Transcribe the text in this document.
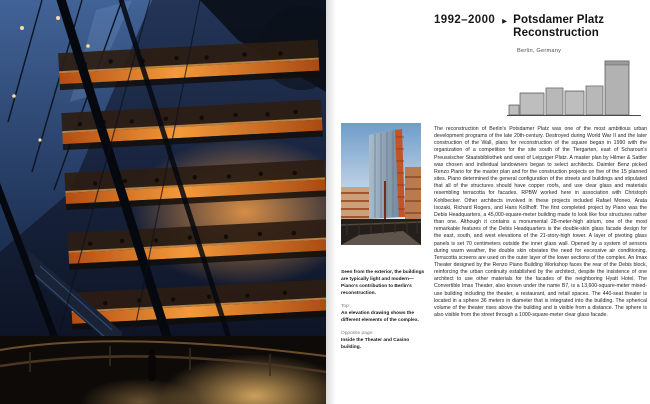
1992–2000 ▶ Potsdamer Platz
Reconstruction
Berlin, Germany

Seen from the exterior, the buildings are typically light and modern—Piano's contribution to Berlin's reconstruction.

Top:

An elevation drawing shows the different elements of the complex.

Opposite page:

Inside the Theater and Casino building.

The reconstruction of Berlin's Potsdamer Platz was one of the most ambitious urban development programs of the late 20th-century. Destroyed during World War II and the later construction of the Wall, plans for reconstruction of the square began in 1990 with the organization of a competition for the site south of the Tiergarten, east of Scharoun's Preussischer Staatsbibliothek and west of Leipziger Platz. A master plan by Hilmer & Sattler was chosen and individual landowners began to select architects. Daimler Benz picked Renzo Piano for the master plan and for the construction projects on five of the 15 planned sites. Piano determined the general configuration of the streets and buildings and stipulated that all of the structures should have copper roofs, and use clear glass and materials resembling terracotta for facades. RPBW worked here in association with Christoph Kohlbecker. Other architects involved in these projects included Rafael Moneo, Arata Isozaki, Richard Rogers, and Hans Kollhoff. The first completed project by Piano was the Debis Headquarters, a 45,000-square-meter building made to look like four structures rather than one. Although it contains a monumental 28-meter-high atrium, one of the most remarkable features of the Debis Headquarters is the double-skin glass facade design for the east, south, and west elevations of the 21-story-high tower. A layer of pivoting glass panels is set 70 centimeters outside the inner glass wall. Opened by a system of sensors during warm weather, the double skin obviates the need for excessive air conditioning. Terracotta screens are used on the outer layer of the lower sections of the complex. An Imax Theater designed by the Renzo Piano Building Workshop faces the rear of the Debis block, reinforcing the urban continuity established by the architect, despite the insistence of one architect to use other materials for the facades of the neighboring Hyatt Hotel. The Convertible Imax Theater, also known under the name B7, is a 13,600-square-meter mixed-use building including the theater, a restaurant, and retail spaces. The 440-seat theater is located in a sphere 36 meters in diameter that is integrated into the building. The spherical volume of the theater rises above the building and is visible from a distance. The sphere is also visible from the street through a 1000-square-meter clear glass facade.
